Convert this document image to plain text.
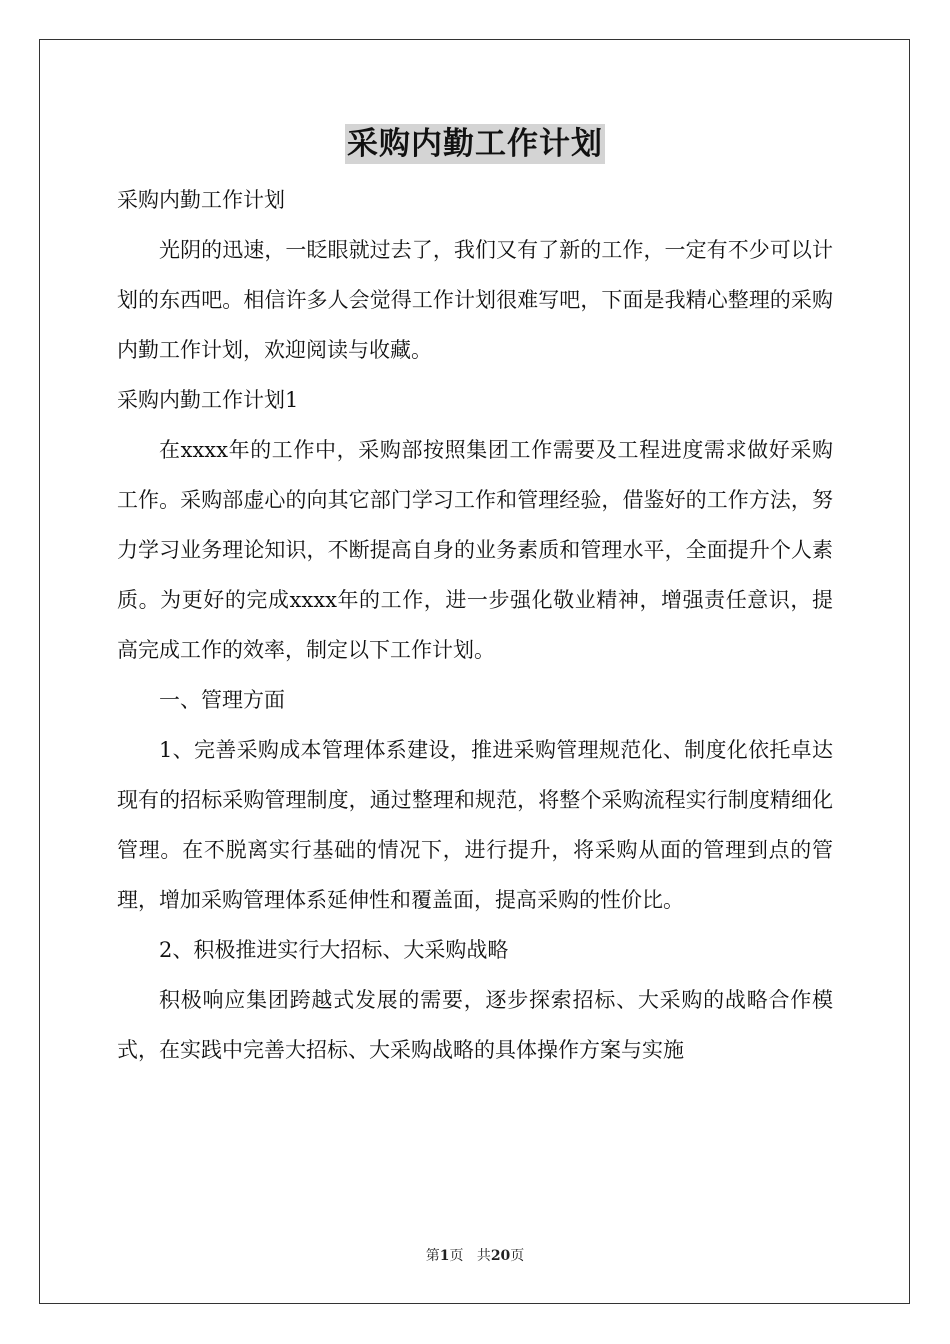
采购内勤工作计划

采购内勤工作计划

光阴的迅速，一眨眼就过去了，我们又有了新的工作，一定有不少可以计划的东西吧。相信许多人会觉得工作计划很难写吧，下面是我精心整理的采购内勤工作计划，欢迎阅读与收藏。

采购内勤工作计划1

在xxxx年的工作中，采购部按照集团工作需要及工程进度需求做好采购工作。采购部虚心的向其它部门学习工作和管理经验，借鉴好的工作方法，努力学习业务理论知识，不断提高自身的业务素质和管理水平，全面提升个人素质。为更好的完成xxxx年的工作，进一步强化敬业精神，增强责任意识，提高完成工作的效率，制定以下工作计划。

一、管理方面

1、完善采购成本管理体系建设，推进采购管理规范化、制度化依托卓达现有的招标采购管理制度，通过整理和规范，将整个采购流程实行制度精细化管理。在不脱离实行基础的情况下，进行提升，将采购从面的管理到点的管理，增加采购管理体系延伸性和覆盖面，提高采购的性价比。

2、积极推进实行大招标、大采购战略

积极响应集团跨越式发展的需要，逐步探索招标、大采购的战略合作模式，在实践中完善大招标、大采购战略的具体操作方案与实施

第1页 共20页
